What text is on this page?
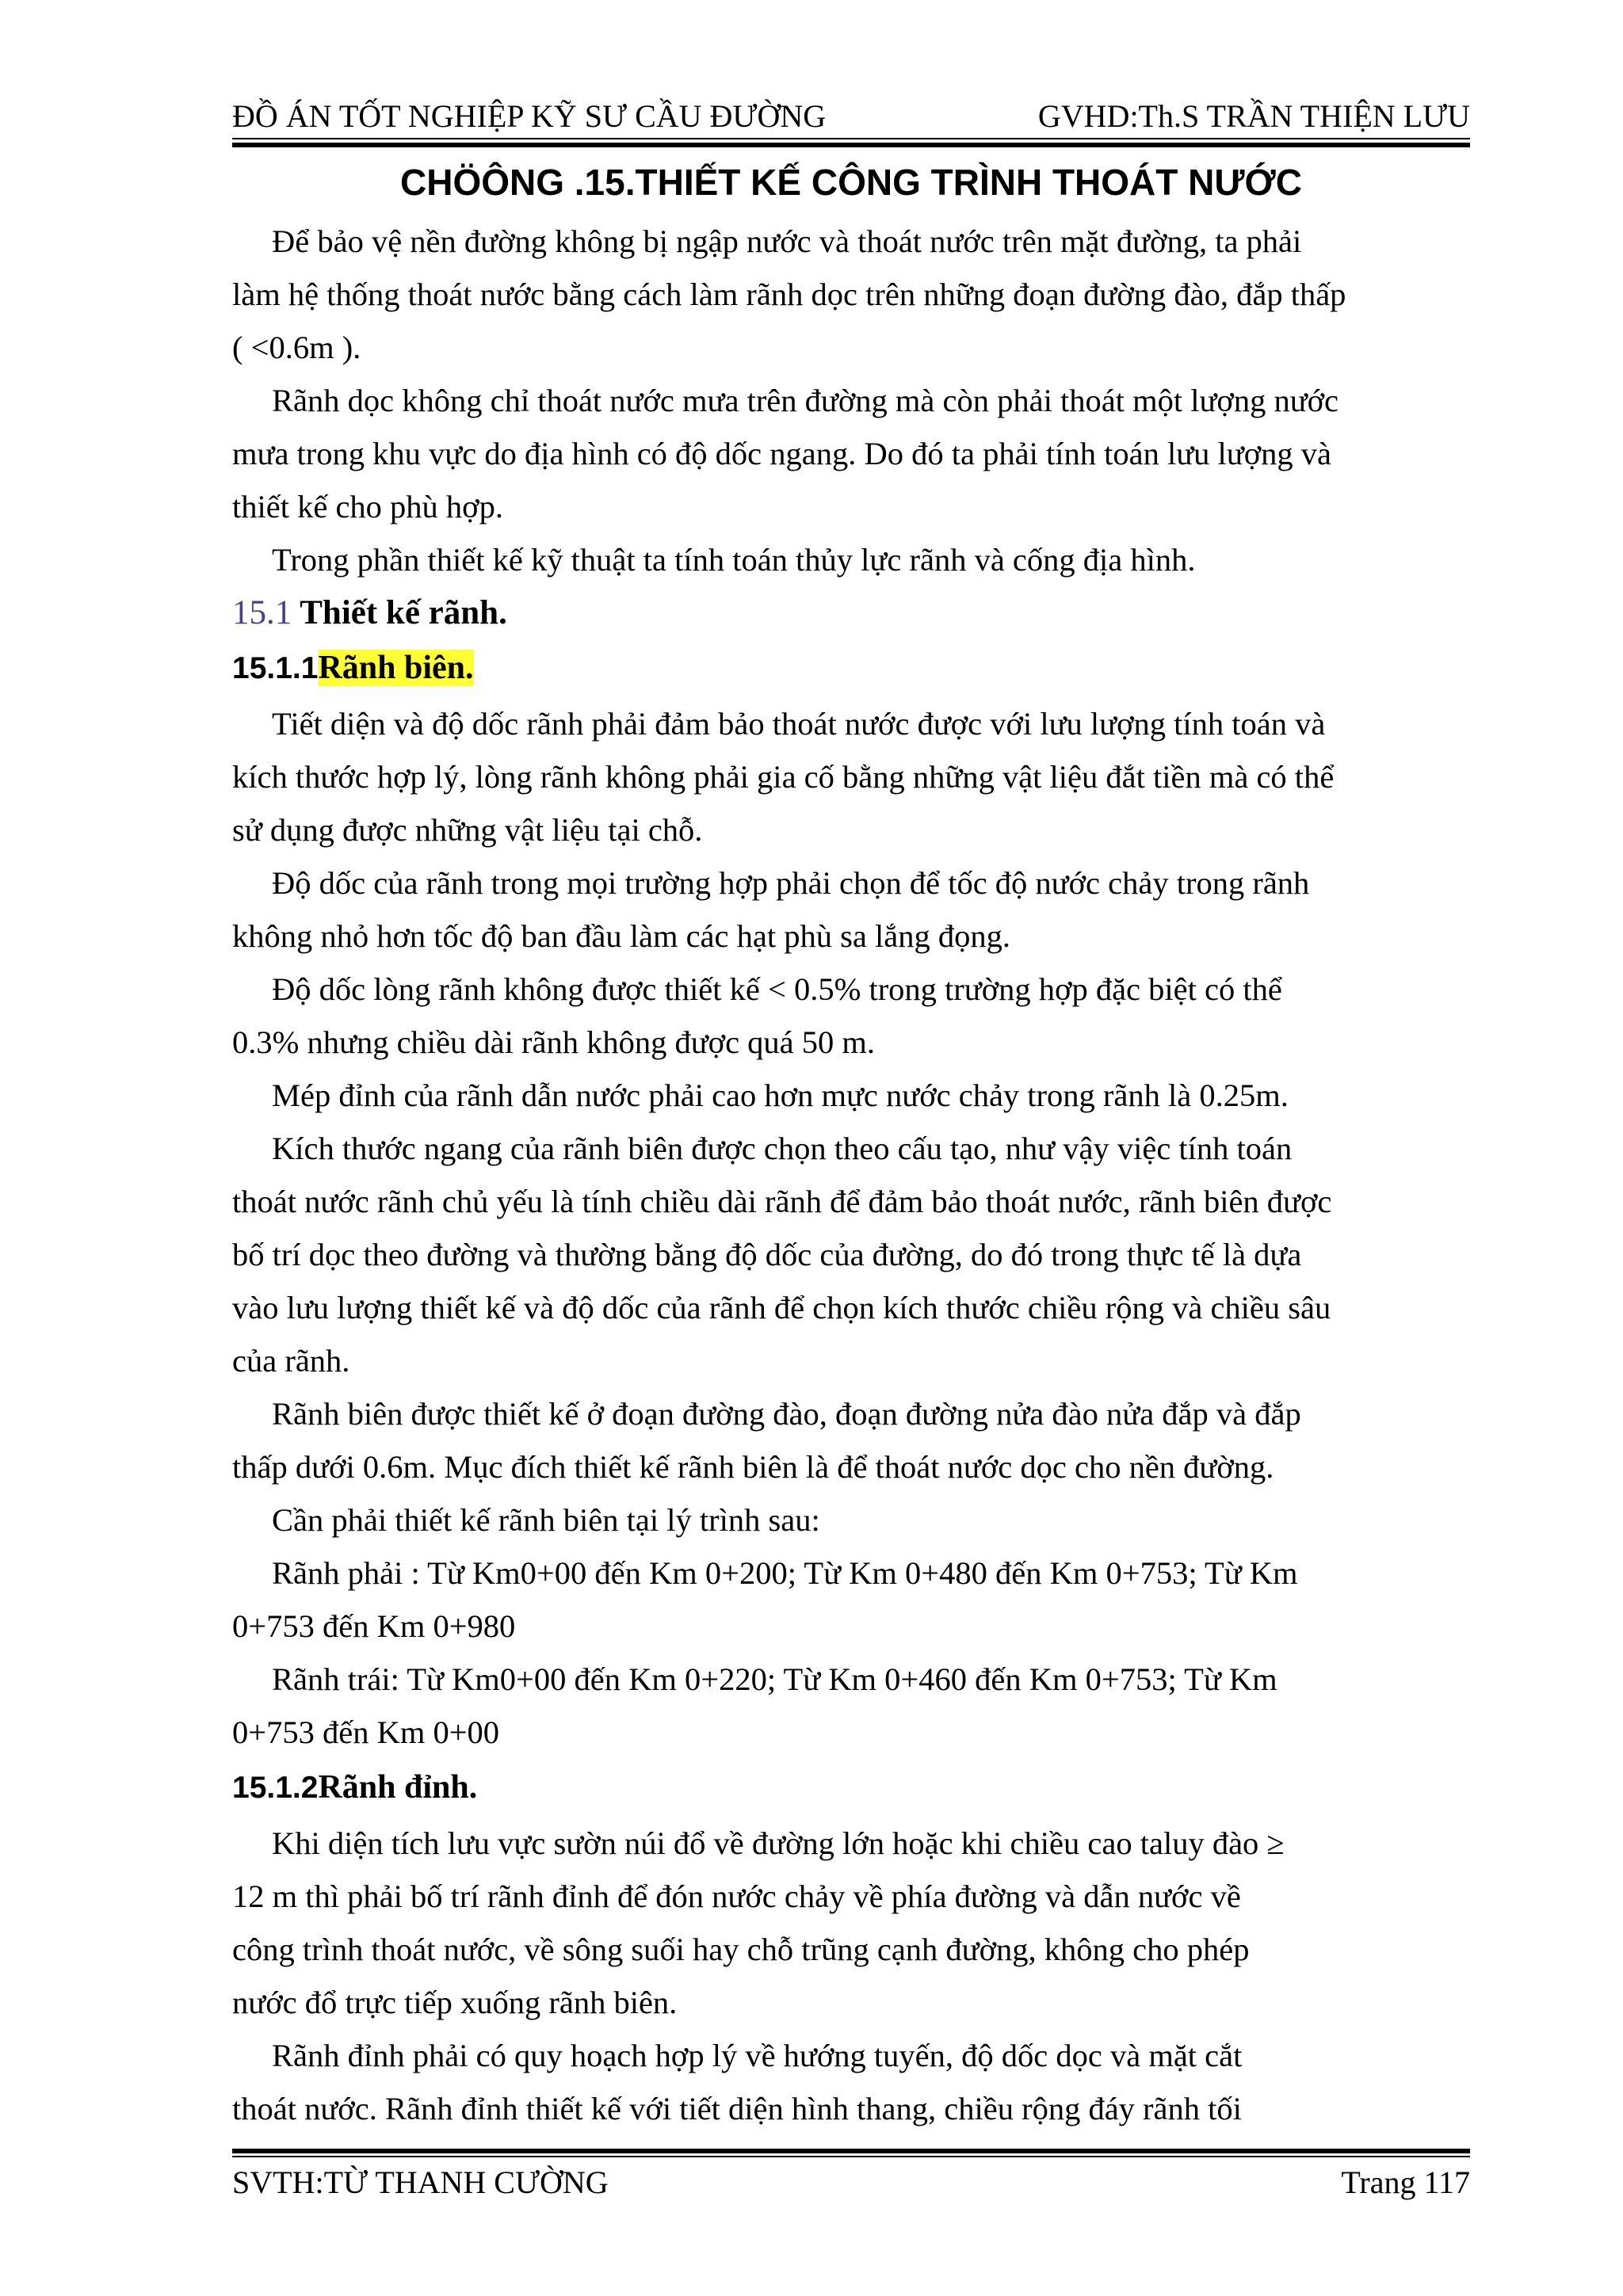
ĐỒ ÁN TỐT NGHIỆP KỸ SƯ CẦU ĐƯỜNG	GVHD:Th.S TRẦN THIỆN LƯU
CHÖÔNG .15.THIẾT KẾ CÔNG TRÌNH THOÁT NƯỚC
Để bảo vệ nền đường không bị ngập nước và thoát nước trên mặt đường, ta phải
làm hệ thống thoát nước bằng cách làm rãnh dọc trên những đoạn đường đào, đắp thấp
( <0.6m ).
Rãnh dọc không chỉ thoát nước mưa trên đường mà còn phải thoát một lượng nước
mưa trong khu vực do địa hình có độ dốc ngang. Do đó ta phải tính toán lưu lượng và
thiết kế cho phù hợp.
Trong phần thiết kế kỹ thuật ta tính toán thủy lực rãnh và cống địa hình.
15.1 Thiết kế rãnh.
15.1.1Rãnh biên.
Tiết diện và độ dốc rãnh phải đảm bảo thoát nước được với lưu lượng tính toán và
kích thước hợp lý, lòng rãnh không phải gia cố bằng những vật liệu đắt tiền mà có thể
sử dụng được những vật liệu tại chỗ.
Độ dốc của rãnh trong mọi trường hợp phải chọn để tốc độ nước chảy trong rãnh
không nhỏ hơn tốc độ ban đầu làm các hạt phù sa lắng đọng.
Độ dốc lòng rãnh không được thiết kế < 0.5% trong trường hợp đặc biệt có thể
0.3% nhưng chiều dài rãnh không được quá 50 m.
Mép đỉnh của rãnh dẫn nước phải cao hơn mực nước chảy trong rãnh là 0.25m.
Kích thước ngang của rãnh biên được chọn theo cấu tạo, như vậy việc tính toán
thoát nước rãnh chủ yếu là tính chiều dài rãnh để đảm bảo thoát nước, rãnh biên được
bố trí dọc theo đường và thường bằng độ dốc của đường, do đó trong thực tế là dựa
vào lưu lượng thiết kế và độ dốc của rãnh để chọn kích thước chiều rộng và chiều sâu
của rãnh.
Rãnh biên được thiết kế ở đoạn đường đào, đoạn đường nửa đào nửa đắp và đắp
thấp dưới 0.6m. Mục đích thiết kế rãnh biên là để thoát nước dọc cho nền đường.
Cần phải thiết kế rãnh biên tại lý trình sau:
Rãnh phải : Từ Km0+00 đến Km 0+200; Từ Km 0+480 đến Km 0+753; Từ Km
0+753 đến Km 0+980
Rãnh trái: Từ Km0+00 đến Km 0+220; Từ Km 0+460 đến Km 0+753; Từ Km
0+753 đến Km 0+00
15.1.2Rãnh đỉnh.
Khi diện tích lưu vực sườn núi đổ về đường lớn hoặc khi chiều cao taluy đào ≥
12 m thì phải bố trí rãnh đỉnh để đón nước chảy về phía đường và dẫn nước về
công trình thoát nước, về sông suối hay chỗ trũng cạnh đường, không cho phép
nước đổ trực tiếp xuống rãnh biên.
Rãnh đỉnh phải có quy hoạch hợp lý về hướng tuyến, độ dốc dọc và mặt cắt
thoát nước. Rãnh đỉnh thiết kế với tiết diện hình thang, chiều rộng đáy rãnh tối
SVTH:TỪ THANH CƯỜNG	Trang 117
